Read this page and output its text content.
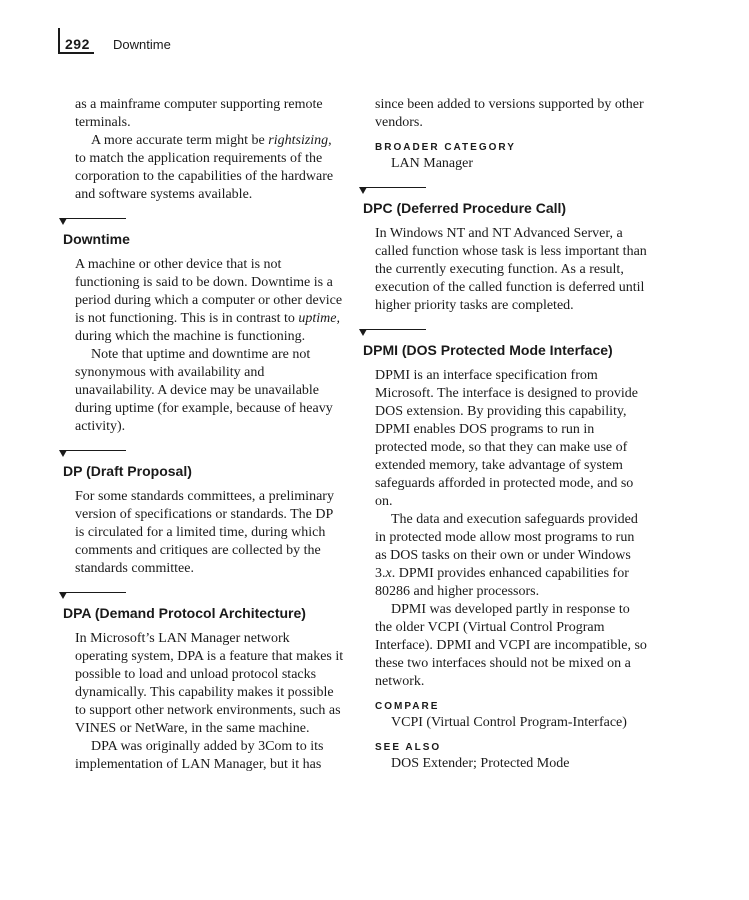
292 Downtime

as a mainframe computer supporting remote terminals.

A more accurate term might be rightsizing, to match the application requirements of the corporation to the capabilities of the hardware and software systems available.

Downtime

A machine or other device that is not functioning is said to be down. Downtime is a period during which a computer or other device is not functioning. This is in contrast to uptime, during which the machine is functioning.

Note that uptime and downtime are not synonymous with availability and unavailability. A device may be unavailable during uptime (for example, because of heavy activity).

DP (Draft Proposal)

For some standards committees, a preliminary version of specifications or standards. The DP is circulated for a limited time, during which comments and critiques are collected by the standards committee.

DPA (Demand Protocol Architecture)

In Microsoft’s LAN Manager network operating system, DPA is a feature that makes it possible to load and unload protocol stacks dynamically. This capability makes it possible to support other network environments, such as VINES or NetWare, in the same machine.

DPA was originally added by 3Com to its implementation of LAN Manager, but it has

since been added to versions supported by other vendors.

BROADER CATEGORY

LAN Manager

DPC (Deferred Procedure Call)

In Windows NT and NT Advanced Server, a called function whose task is less important than the currently executing function. As a result, execution of the called function is deferred until higher priority tasks are completed.

DPMI (DOS Protected Mode Interface)

DPMI is an interface specification from Microsoft. The interface is designed to provide DOS extension. By providing this capability, DPMI enables DOS programs to run in protected mode, so that they can make use of extended memory, take advantage of system safeguards afforded in protected mode, and so on.

The data and execution safeguards provided in protected mode allow most programs to run as DOS tasks on their own or under Windows 3.x. DPMI provides enhanced capabilities for 80286 and higher processors.

DPMI was developed partly in response to the older VCPI (Virtual Control Program Interface). DPMI and VCPI are incompatible, so these two interfaces should not be mixed on a network.

COMPARE

VCPI (Virtual Control Program-Interface)

SEE ALSO

DOS Extender; Protected Mode
